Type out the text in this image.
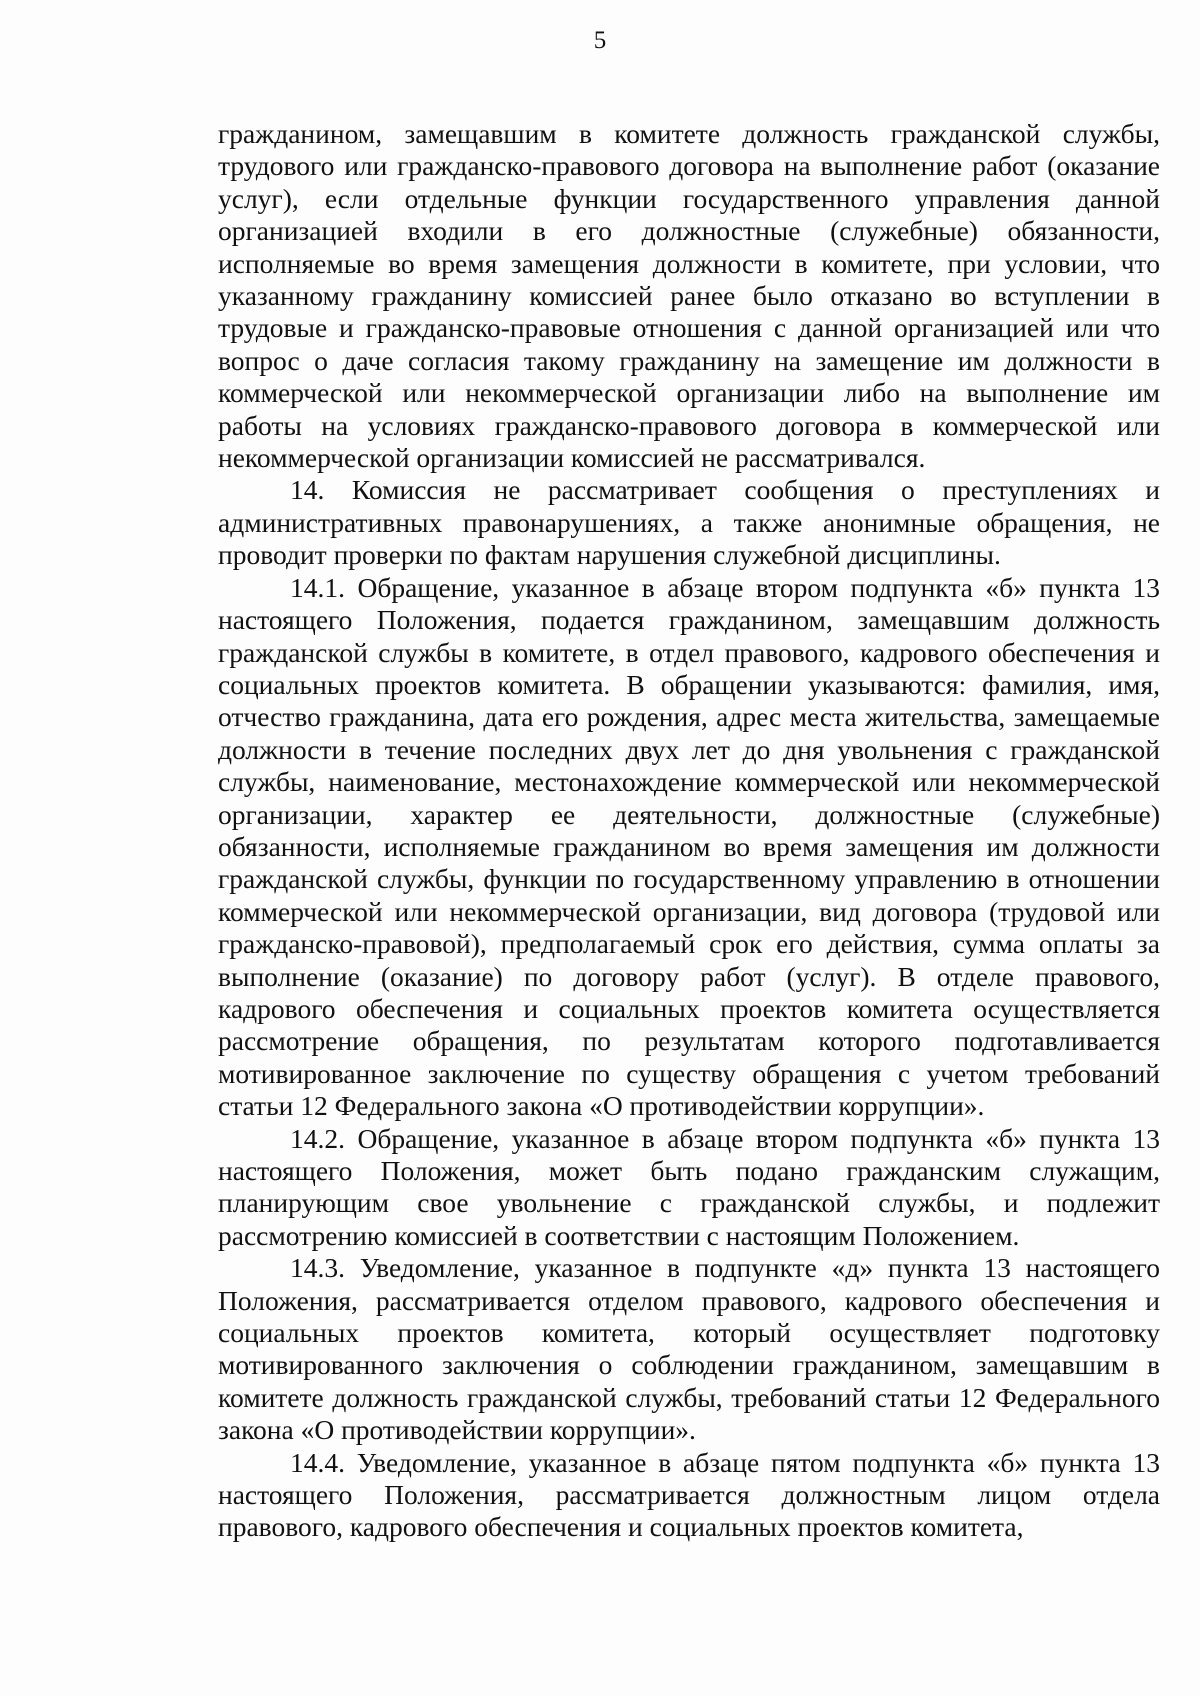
5

гражданином, замещавшим в комитете должность гражданской службы, трудового или гражданско-правового договора на выполнение работ (оказание услуг), если отдельные функции государственного управления данной организацией входили в его должностные (служебные) обязанности, исполняемые во время замещения должности в комитете, при условии, что указанному гражданину комиссией ранее было отказано во вступлении в трудовые и гражданско-правовые отношения с данной организацией или что вопрос о даче согласия такому гражданину на замещение им должности в коммерческой или некоммерческой организации либо на выполнение им работы на условиях гражданско-правового договора в коммерческой или некоммерческой организации комиссией не рассматривался.

14. Комиссия не рассматривает сообщения о преступлениях и административных правонарушениях, а также анонимные обращения, не проводит проверки по фактам нарушения служебной дисциплины.

14.1. Обращение, указанное в абзаце втором подпункта «б» пункта 13 настоящего Положения, подается гражданином, замещавшим должность гражданской службы в комитете, в отдел правового, кадрового обеспечения и социальных проектов комитета. В обращении указываются: фамилия, имя, отчество гражданина, дата его рождения, адрес места жительства, замещаемые должности в течение последних двух лет до дня увольнения с гражданской службы, наименование, местонахождение коммерческой или некоммерческой организации, характер ее деятельности, должностные (служебные) обязанности, исполняемые гражданином во время замещения им должности гражданской службы, функции по государственному управлению в отношении коммерческой или некоммерческой организации, вид договора (трудовой или гражданско-правовой), предполагаемый срок его действия, сумма оплаты за выполнение (оказание) по договору работ (услуг). В отделе правового, кадрового обеспечения и социальных проектов комитета осуществляется рассмотрение обращения, по результатам которого подготавливается мотивированное заключение по существу обращения с учетом требований статьи 12 Федерального закона «О противодействии коррупции».

14.2. Обращение, указанное в абзаце втором подпункта «б» пункта 13 настоящего Положения, может быть подано гражданским служащим, планирующим свое увольнение с гражданской службы, и подлежит рассмотрению комиссией в соответствии с настоящим Положением.

14.3. Уведомление, указанное в подпункте «д» пункта 13 настоящего Положения, рассматривается отделом правового, кадрового обеспечения и социальных проектов комитета, который осуществляет подготовку мотивированного заключения о соблюдении гражданином, замещавшим в комитете должность гражданской службы, требований статьи 12 Федерального закона «О противодействии коррупции».

14.4. Уведомление, указанное в абзаце пятом подпункта «б» пункта 13 настоящего Положения, рассматривается должностным лицом отдела правового, кадрового обеспечения и социальных проектов комитета,
